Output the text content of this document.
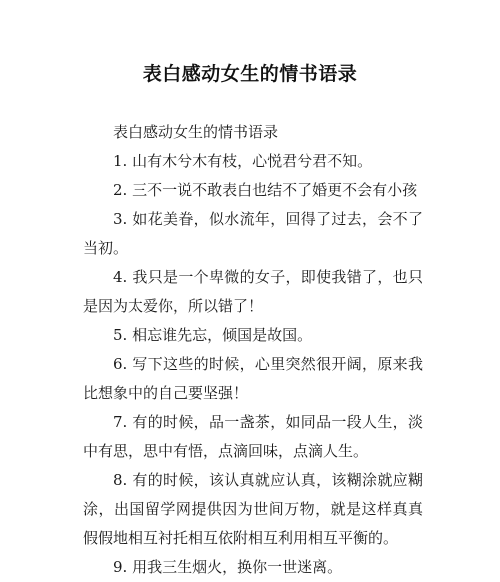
表白感动女生的情书语录

表白感动女生的情书语录

1. 山有木兮木有枝，心悦君兮君不知。

2. 三不一说不敢表白也结不了婚更不会有小孩

3. 如花美眷，似水流年，回得了过去，会不了当初。

4. 我只是一个卑微的女子，即使我错了，也只是因为太爱你，所以错了！

5. 相忘谁先忘，倾国是故国。

6. 写下这些的时候，心里突然很开阔，原来我比想象中的自己要坚强！

7. 有的时候，品一盏茶，如同品一段人生，淡中有思，思中有悟，点滴回味，点滴人生。

8. 有的时候，该认真就应认真，该糊涂就应糊涂，出国留学网提供因为世间万物，就是这样真真假假地相互衬托相互依附相互利用相互平衡的。

9. 用我三生烟火，换你一世迷离。
